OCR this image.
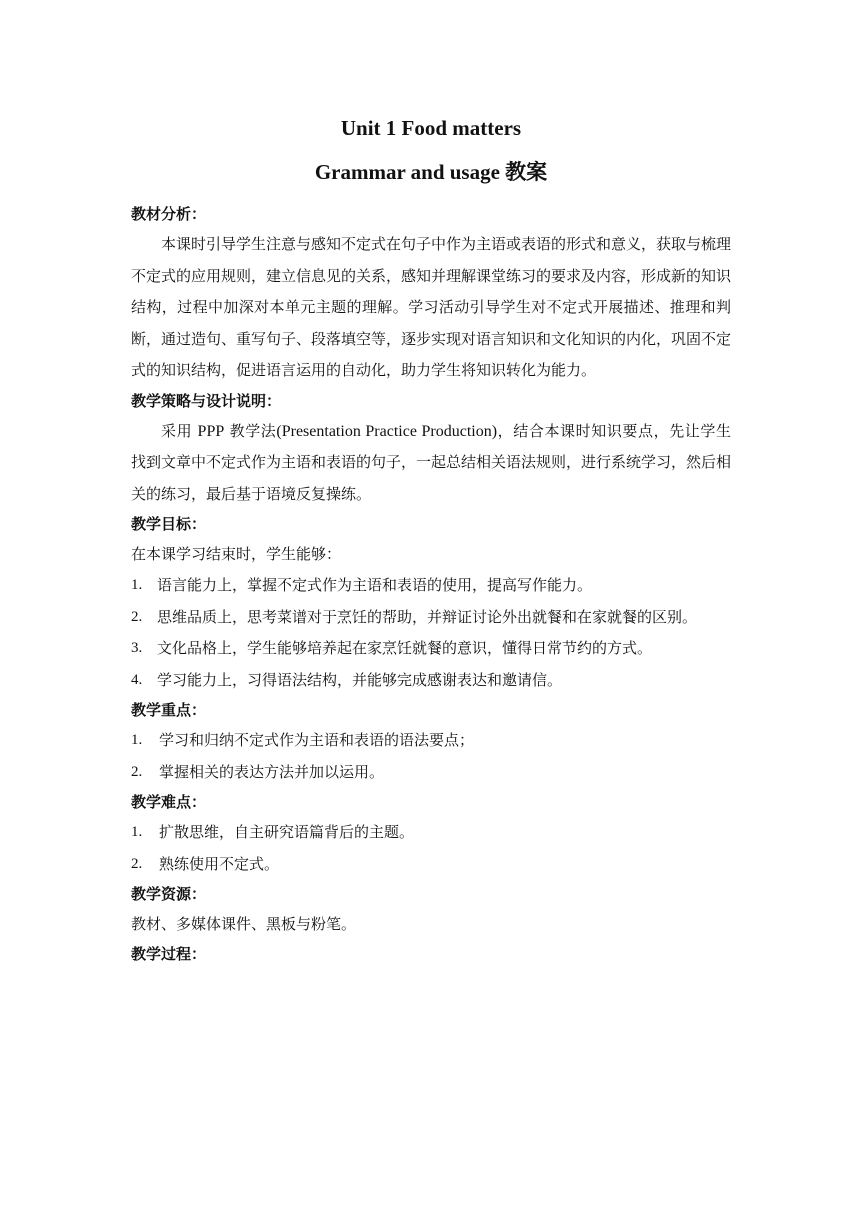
Unit 1 Food matters
Grammar and usage 教案

教材分析：

本课时引导学生注意与感知不定式在句子中作为主语或表语的形式和意义，获取与梳理不定式的应用规则，建立信息见的关系，感知并理解课堂练习的要求及内容，形成新的知识结构，过程中加深对本单元主题的理解。学习活动引导学生对不定式开展描述、推理和判断，通过造句、重写句子、段落填空等，逐步实现对语言知识和文化知识的内化，巩固不定式的知识结构，促进语言运用的自动化，助力学生将知识转化为能力。

教学策略与设计说明：

采用 PPP 教学法(Presentation Practice Production)，结合本课时知识要点，先让学生找到文章中不定式作为主语和表语的句子，一起总结相关语法规则，进行系统学习，然后相关的练习，最后基于语境反复操练。

教学目标：

在本课学习结束时，学生能够：

1. 语言能力上，掌握不定式作为主语和表语的使用，提高写作能力。
2. 思维品质上，思考菜谱对于烹饪的帮助，并辩证讨论外出就餐和在家就餐的区别。
3. 文化品格上，学生能够培养起在家烹饪就餐的意识，懂得日常节约的方式。
4. 学习能力上，习得语法结构，并能够完成感谢表达和邀请信。

教学重点：

1. 学习和归纳不定式作为主语和表语的语法要点；
2. 掌握相关的表达方法并加以运用。

教学难点：

1. 扩散思维，自主研究语篇背后的主题。
2. 熟练使用不定式。

教学资源：

教材、多媒体课件、黑板与粉笔。

教学过程：
